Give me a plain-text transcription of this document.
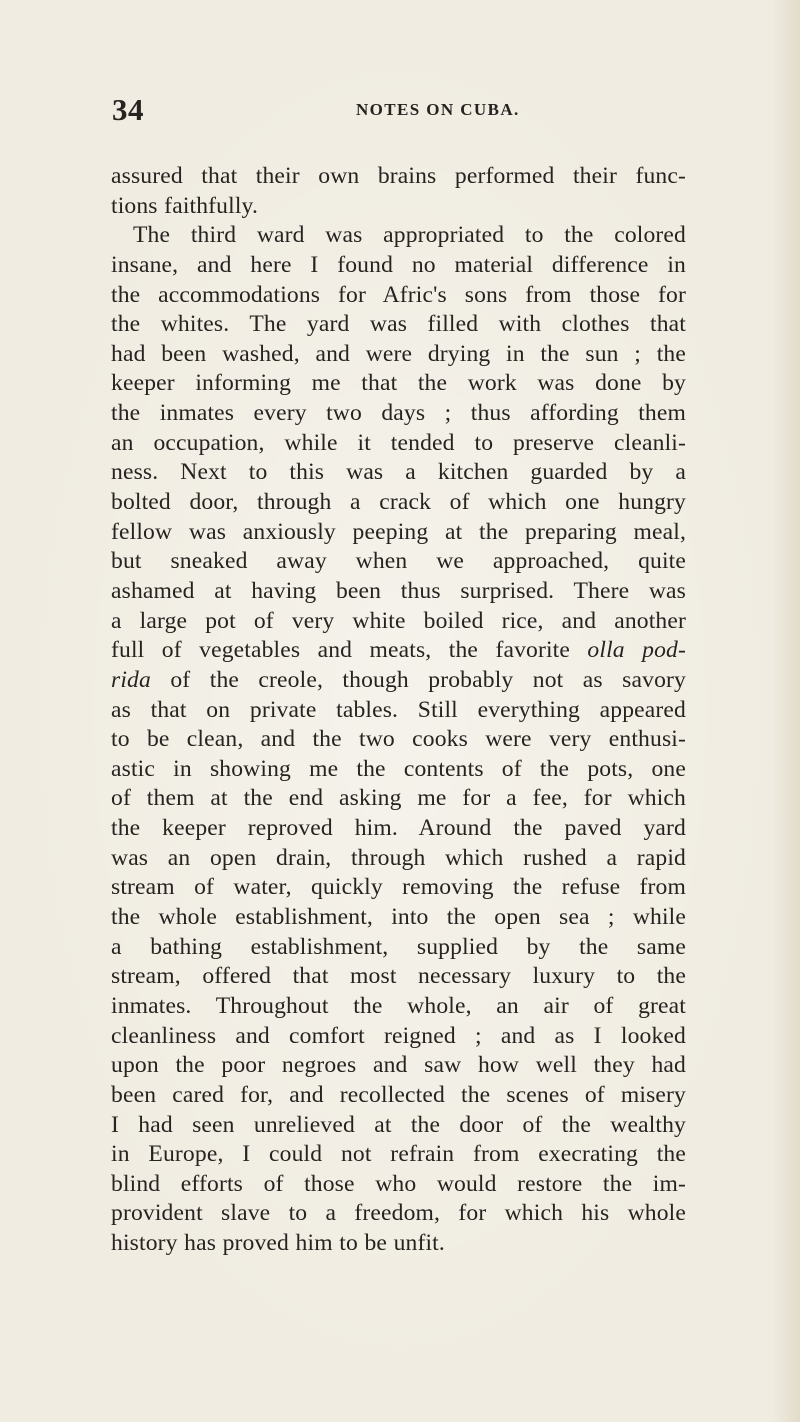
34	NOTES ON CUBA.
assured that their own brains performed their func-
tions faithfully.
The third ward was appropriated to the colored
insane, and here I found no material difference in
the accommodations for Afric's sons from those for
the whites. The yard was filled with clothes that
had been washed, and were drying in the sun ; the
keeper informing me that the work was done by
the inmates every two days ; thus affording them
an occupation, while it tended to preserve cleanli-
ness. Next to this was a kitchen guarded by a
bolted door, through a crack of which one hungry
fellow was anxiously peeping at the preparing meal,
but sneaked away when we approached, quite
ashamed at having been thus surprised. There was
a large pot of very white boiled rice, and another
full of vegetables and meats, the favorite olla pod-
rida of the creole, though probably not as savory
as that on private tables. Still everything appeared
to be clean, and the two cooks were very enthusi-
astic in showing me the contents of the pots, one
of them at the end asking me for a fee, for which
the keeper reproved him. Around the paved yard
was an open drain, through which rushed a rapid
stream of water, quickly removing the refuse from
the whole establishment, into the open sea ; while
a bathing establishment, supplied by the same
stream, offered that most necessary luxury to the
inmates. Throughout the whole, an air of great
cleanliness and comfort reigned ; and as I looked
upon the poor negroes and saw how well they had
been cared for, and recollected the scenes of misery
I had seen unrelieved at the door of the wealthy
in Europe, I could not refrain from execrating the
blind efforts of those who would restore the im-
provident slave to a freedom, for which his whole
history has proved him to be unfit.
